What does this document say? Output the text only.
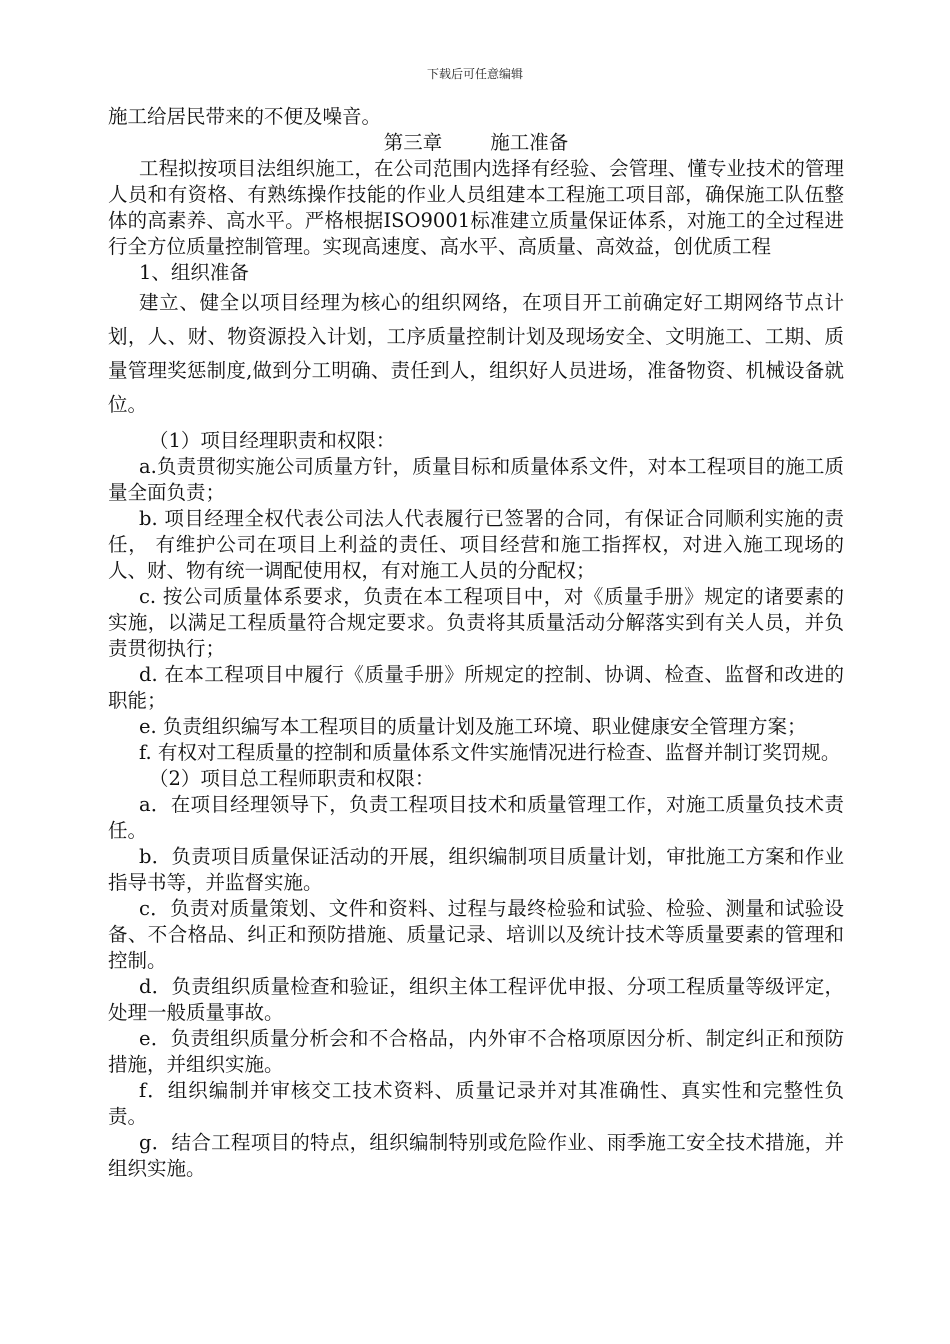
下载后可任意编辑

施工给居民带来的不便及噪音。

第三章 施工准备

工程拟按项目法组织施工，在公司范围内选择有经验、会管理、懂专业技术的管理人员和有资格、有熟练操作技能的作业人员组建本工程施工项目部，确保施工队伍整体的高素养、高水平。严格根据ISO9001标准建立质量保证体系，对施工的全过程进行全方位质量控制管理。实现高速度、高水平、高质量、高效益，创优质工程

1、组织准备

建立、健全以项目经理为核心的组织网络，在项目开工前确定好工期网络节点计划，人、财、物资源投入计划，工序质量控制计划及现场安全、文明施工、工期、质量管理奖惩制度,做到分工明确、责任到人，组织好人员进场，准备物资、机械设备就位。

（1）项目经理职责和权限：

a.负责贯彻实施公司质量方针，质量目标和质量体系文件，对本工程项目的施工质量全面负责；

b. 项目经理全权代表公司法人代表履行已签署的合同，有保证合同顺利实施的责任， 有维护公司在项目上利益的责任、项目经营和施工指挥权，对进入施工现场的人、财、物有统一调配使用权，有对施工人员的分配权；

c. 按公司质量体系要求，负责在本工程项目中，对《质量手册》规定的诸要素的实施，以满足工程质量符合规定要求。负责将其质量活动分解落实到有关人员，并负责贯彻执行；

d. 在本工程项目中履行《质量手册》所规定的控制、协调、检查、监督和改进的职能；

e. 负责组织编写本工程项目的质量计划及施工环境、职业健康安全管理方案；

f. 有权对工程质量的控制和质量体系文件实施情况进行检查、监督并制订奖罚规。

（2）项目总工程师职责和权限：

a．在项目经理领导下，负责工程项目技术和质量管理工作，对施工质量负技术责任。

b．负责项目质量保证活动的开展，组织编制项目质量计划，审批施工方案和作业指导书等，并监督实施。

c．负责对质量策划、文件和资料、过程与最终检验和试验、检验、测量和试验设备、不合格品、纠正和预防措施、质量记录、培训以及统计技术等质量要素的管理和控制。

d．负责组织质量检查和验证，组织主体工程评优申报、分项工程质量等级评定，处理一般质量事故。

e．负责组织质量分析会和不合格品，内外审不合格项原因分析、制定纠正和预防措施，并组织实施。

f．组织编制并审核交工技术资料、质量记录并对其准确性、真实性和完整性负责。

g．结合工程项目的特点，组织编制特别或危险作业、雨季施工安全技术措施，并组织实施。
